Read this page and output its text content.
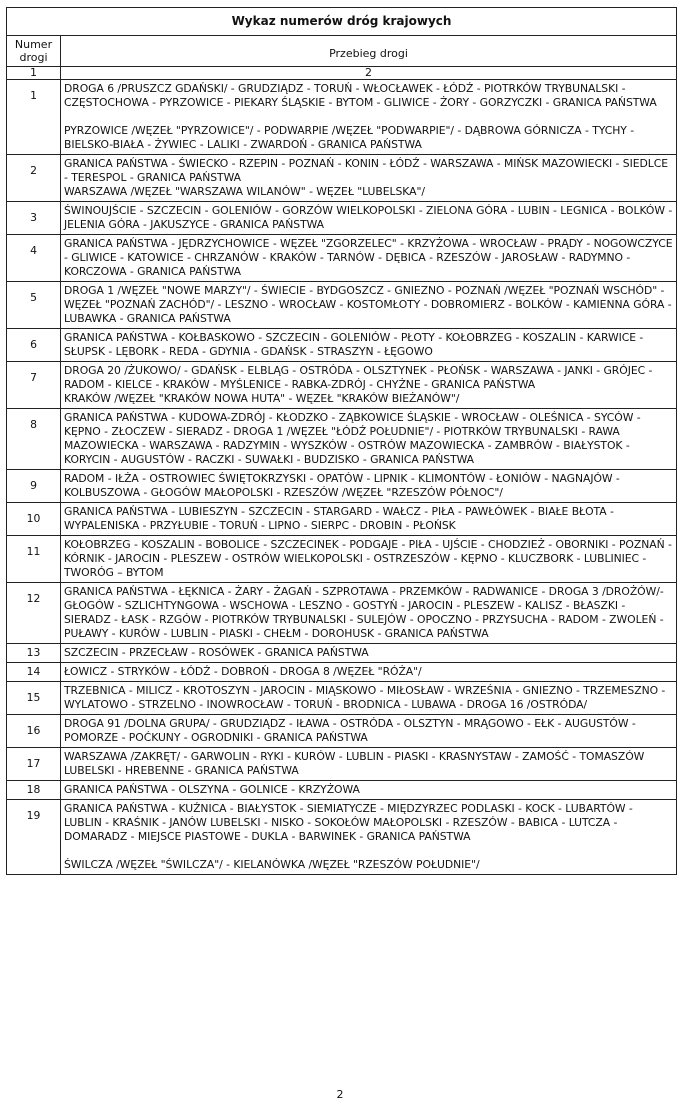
Wykaz numerów dróg krajowych	
Numer drogi	Przebieg drogi
1	2
1	DROGA 6 /PRUSZCZ GDAŃSKI/ - GRUDZIĄDZ - TORUŃ - WŁOCŁAWEK - ŁÓDŹ - PIOTRKÓW TRYBUNALSKI - CZĘSTOCHOWA - PYRZOWICE - PIEKARY ŚLĄSKIE - BYTOM - GLIWICE - ŻORY - GORZYCZKI - GRANICA PAŃSTWA
PYRZOWICE /WĘZEŁ "PYRZOWICE"/ - PODWARPIE /WĘZEŁ "PODWARPIE"/ - DĄBROWA GÓRNICZA - TYCHY - BIELSKO-BIAŁA - ŻYWIEC - LALIKI - ZWARDOŃ - GRANICA PAŃSTWA

2	GRANICA PAŃSTWA - ŚWIECKO - RZEPIN - POZNAŃ - KONIN - ŁÓDŹ - WARSZAWA - MIŃSK MAZOWIECKI - SIEDLCE - TERESPOL - GRANICA PAŃSTWA
WARSZAWA /WĘZEŁ "WARSZAWA WILANÓW" - WĘZEŁ "LUBELSKA"/

3	ŚWINOUJŚCIE - SZCZECIN - GOLENIÓW - GORZÓW WIELKOPOLSKI - ZIELONA GÓRA - LUBIN - LEGNICA - BOLKÓW - JELENIA GÓRA - JAKUSZYCE - GRANICA PAŃSTWA

4	GRANICA PAŃSTWA - JĘDRZYCHOWICE - WĘZEŁ "ZGORZELEC" - KRZYŻOWA - WROCŁAW - PRĄDY - NOGOWCZYCE - GLIWICE - KATOWICE - CHRZANÓW - KRAKÓW - TARNÓW - DĘBICA - RZESZÓW - JAROSŁAW - RADYMNO - KORCZOWA - GRANICA PAŃSTWA

5	DROGA 1 /WĘZEŁ "NOWE MARZY"/ - ŚWIECIE - BYDGOSZCZ - GNIEZNO - POZNAŃ /WĘZEŁ "POZNAŃ WSCHÓD" - WĘZEŁ "POZNAŃ ZACHÓD"/ - LESZNO - WROCŁAW - KOSTOMŁOTY - DOBROMIERZ - BOLKÓW - KAMIENNA GÓRA - LUBAWKA - GRANICA PAŃSTWA

6	GRANICA PAŃSTWA - KOŁBASKOWO - SZCZECIN - GOLENIÓW - PŁOTY - KOŁOBRZEG - KOSZALIN - KARWICE - SŁUPSK - LĘBORK - REDA - GDYNIA - GDAŃSK - STRASZYN - ŁĘGOWO

7	DROGA 20 /ŻUKOWO/ - GDAŃSK - ELBLĄG - OSTRÓDA - OLSZTYNEK - PŁOŃSK - WARSZAWA - JANKI - GRÓJEC - RADOM - KIELCE - KRAKÓW - MYŚLENICE - RABKA-ZDRÓJ - CHYŻNE - GRANICA PAŃSTWA
KRAKÓW /WĘZEŁ "KRAKÓW NOWA HUTA" - WĘZEŁ "KRAKÓW BIEŻANÓW"/

8	GRANICA PAŃSTWA - KUDOWA-ZDRÓJ - KŁODZKO - ZĄBKOWICE ŚLĄSKIE - WROCŁAW - OLEŚNICA - SYCÓW - KĘPNO - ZŁOCZEW - SIERADZ - DROGA 1 /WĘZEŁ "ŁÓDŹ POŁUDNIE"/ - PIOTRKÓW TRYBUNALSKI - RAWA MAZOWIECKA - WARSZAWA - RADZYMIN - WYSZKÓW - OSTRÓW MAZOWIECKA - ZAMBRÓW - BIAŁYSTOK - KORYCIN - AUGUSTÓW - RACZKI - SUWAŁKI - BUDZISKO - GRANICA PAŃSTWA

9	RADOM - IŁŻA - OSTROWIEC ŚWIĘTOKRZYSKI - OPATÓW - LIPNIK - KLIMONTÓW - ŁONIÓW - NAGNAJÓW - KOLBUSZOWA - GŁOGÓW MAŁOPOLSKI - RZESZÓW /WĘZEŁ "RZESZÓW PÓŁNOC"/

10	GRANICA PAŃSTWA - LUBIESZYN - SZCZECIN - STARGARD - WAŁCZ - PIŁA - PAWŁÓWEK - BIAŁE BŁOTA - WYPALENISKA - PRZYŁUBIE - TORUŃ - LIPNO - SIERPC - DROBIN - PŁOŃSK

11	KOŁOBRZEG - KOSZALIN - BOBOLICE - SZCZECINEK - PODGAJE - PIŁA - UJŚCIE - CHODZIEŻ - OBORNIKI - POZNAŃ - KÓRNIK - JAROCIN - PLESZEW - OSTRÓW WIELKOPOLSKI - OSTRZESZÓW - KĘPNO - KLUCZBORK - LUBLINIEC - TWORÓG – BYTOM

12	GRANICA PAŃSTWA - ŁĘKNICA - ŻARY - ŻAGAŃ - SZPROTAWA - PRZEMKÓW - RADWANICE - DROGA 3 /DROŻÓW/- GŁOGÓW - SZLICHTYNGOWA - WSCHOWA - LESZNO - GOSTYŃ - JAROCIN - PLESZEW - KALISZ - BŁASZKI - SIERADZ - ŁASK - RZGÓW - PIOTRKÓW TRYBUNALSKI - SULEJÓW - OPOCZNO - PRZYSUCHA - RADOM - ZWOLEŃ - PUŁAWY - KURÓW - LUBLIN - PIASKI - CHEŁM - DOROHUSK - GRANICA PAŃSTWA

13	SZCZECIN - PRZECŁAW - ROSÓWEK - GRANICA PAŃSTWA

14	ŁOWICZ - STRYKÓW - ŁÓDŹ - DOBROŃ - DROGA 8 /WĘZEŁ "RÓŻA"/

15	TRZEBNICA - MILICZ - KROTOSZYN - JAROCIN - MIĄSKOWO - MIŁOSŁAW - WRZEŚNIA - GNIEZNO - TRZEMESZNO - WYLATOWO - STRZELNO - INOWROCŁAW - TORUŃ - BRODNICA - LUBAWA - DROGA 16 /OSTRÓDA/

16	DROGA 91 /DOLNA GRUPA/ - GRUDZIĄDZ - IŁAWA - OSTRÓDA - OLSZTYN - MRĄGOWO - EŁK - AUGUSTÓW - POMORZE - POĆKUNY - OGRODNIKI - GRANICA PAŃSTWA

17	WARSZAWA /ZAKRĘT/ - GARWOLIN - RYKI - KURÓW - LUBLIN - PIASKI - KRASNYSTAW - ZAMOŚĆ - TOMASZÓW LUBELSKI - HREBENNE - GRANICA PAŃSTWA

18	GRANICA PAŃSTWA - OLSZYNA - GOLNICE - KRZYŻOWA

19	GRANICA PAŃSTWA - KUŹNICA - BIAŁYSTOK - SIEMIATYCZE - MIĘDZYRZEC PODLASKI - KOCK - LUBARTÓW - LUBLIN - KRAŚNIK - JANÓW LUBELSKI - NISKO - SOKOŁÓW MAŁOPOLSKI - RZESZÓW - BABICA - LUTCZA - DOMARADZ - MIEJSCE PIASTOWE - DUKLA - BARWINEK - GRANICA PAŃSTWA
ŚWILCZA /WĘZEŁ "ŚWILCZA"/ - KIELANÓWKA /WĘZEŁ "RZESZÓW POŁUDNIE"/
2
